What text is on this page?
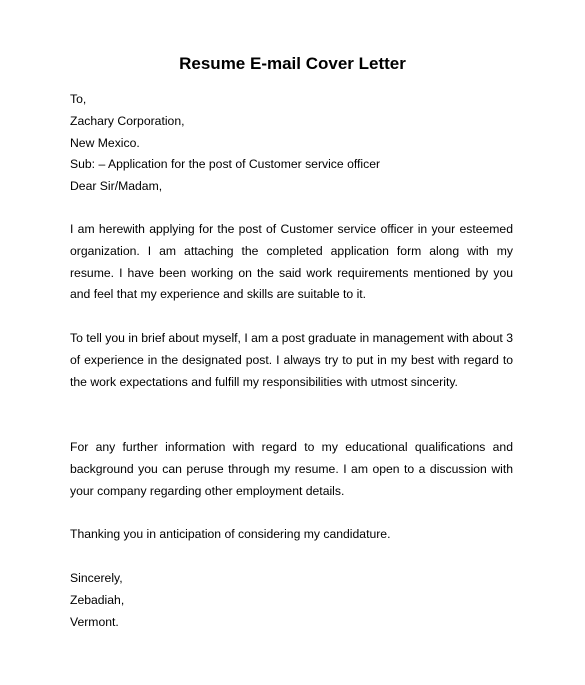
Resume E-mail Cover Letter
To,
Zachary Corporation,
New Mexico.
Sub: – Application for the post of Customer service officer
Dear Sir/Madam,

I am herewith applying for the post of Customer service officer in your esteemed organization. I am attaching the completed application form along with my resume. I have been working on the said work requirements mentioned by you and feel that my experience and skills are suitable to it.

To tell you in brief about myself, I am a post graduate in management with about 3 of experience in the designated post. I always try to put in my best with regard to the work expectations and fulfill my responsibilities with utmost sincerity.

For any further information with regard to my educational qualifications and background you can peruse through my resume. I am open to a discussion with your company regarding other employment details.

Thanking you in anticipation of considering my candidature.

Sincerely,
Zebadiah,
Vermont.
